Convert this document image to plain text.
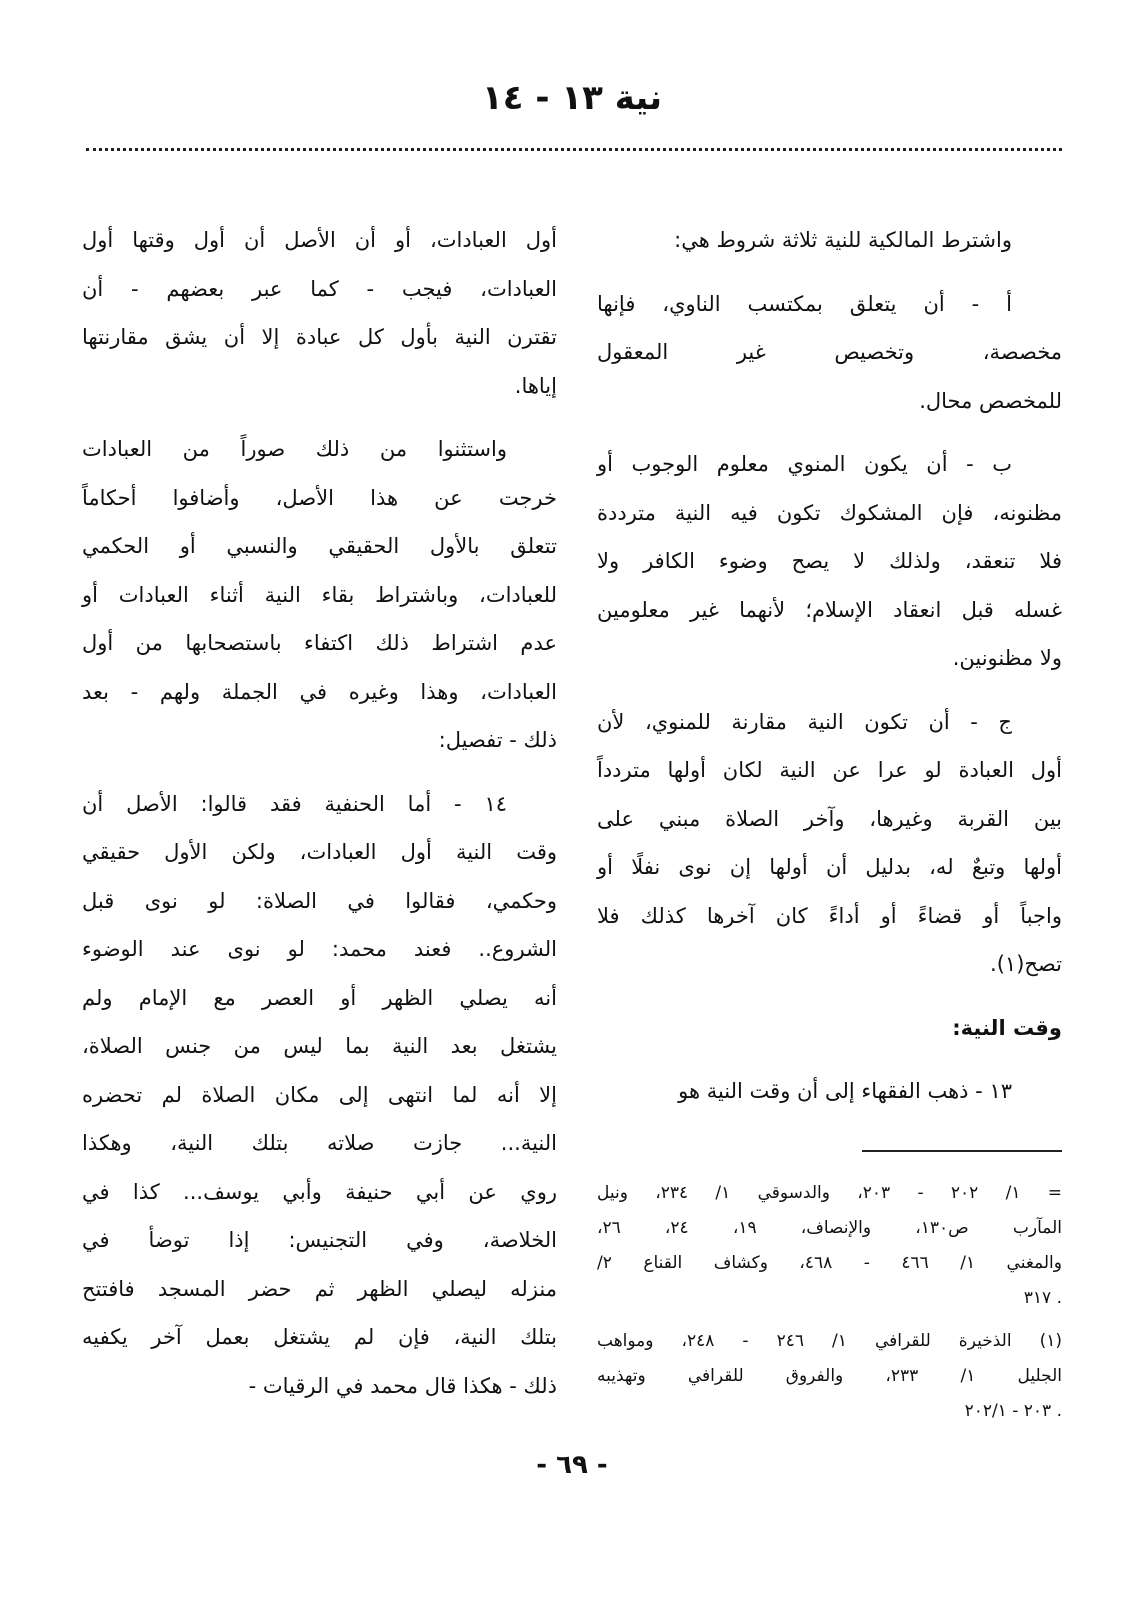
نية ١٣ - ١٤
واشترط المالكية للنية ثلاثة شروط هي:
أ - أن يتعلق بمكتسب الناوي، فإنها
مخصصة، وتخصيص غير المعقول
للمخصص محال.
ب - أن يكون المنوي معلوم الوجوب أو
مظنونه، فإن المشكوك تكون فيه النية مترددة
فلا تنعقد، ولذلك لا يصح وضوء الكافر ولا
غسله قبل انعقاد الإسلام؛ لأنهما غير معلومين
ولا مظنونين.
ج - أن تكون النية مقارنة للمنوي، لأن
أول العبادة لو عرا عن النية لكان أولها متردداً
بين القربة وغيرها، وآخر الصلاة مبني على
أولها وتبعٌ له، بدليل أن أولها إن نوى نفلًا أو
واجباً أو قضاءً أو أداءً كان آخرها كذلك فلا
تصح(١).
وقت النية:
١٣ - ذهب الفقهاء إلى أن وقت النية هو
أول العبادات، أو أن الأصل أن أول وقتها أول
العبادات، فيجب - كما عبر بعضهم - أن
تقترن النية بأول كل عبادة إلا أن يشق مقارنتها
إياها.
واستثنوا من ذلك صوراً من العبادات
خرجت عن هذا الأصل، وأضافوا أحكاماً
تتعلق بالأول الحقيقي والنسبي أو الحكمي
للعبادات، وباشتراط بقاء النية أثناء العبادات أو
عدم اشتراط ذلك اكتفاء باستصحابها من أول
العبادات، وهذا وغيره في الجملة ولهم - بعد
ذلك - تفصيل:
١٤ - أما الحنفية فقد قالوا: الأصل أن
وقت النية أول العبادات، ولكن الأول حقيقي
وحكمي، فقالوا في الصلاة: لو نوى قبل
الشروع.. فعند محمد: لو نوى عند الوضوء
أنه يصلي الظهر أو العصر مع الإمام ولم
يشتغل بعد النية بما ليس من جنس الصلاة،
إلا أنه لما انتهى إلى مكان الصلاة لم تحضره
النية... جازت صلاته بتلك النية، وهكذا
روي عن أبي حنيفة وأبي يوسف... كذا في
الخلاصة، وفي التجنيس: إذا توضأ في
منزله ليصلي الظهر ثم حضر المسجد فافتتح
بتلك النية، فإن لم يشتغل بعمل آخر يكفيه
ذلك - هكذا قال محمد في الرقيات -
= ١/ ٢٠٢ - ٢٠٣، والدسوقي ١/ ٢٣٤، ونيل
المآرب ص١٣٠، والإنصاف، ١٩، ٢٤، ٢٦،
والمغني ١/ ٤٦٦ - ٤٦٨، وكشاف القناع ٢/
. ٣١٧
(١) الذخيرة للقرافي ١/ ٢٤٦ - ٢٤٨، ومواهب
الجليل ١/ ٢٣٣، والفروق للقرافي وتهذيبه
. ٢٠٣ - ٢٠٢/١
- ٦٩ -
